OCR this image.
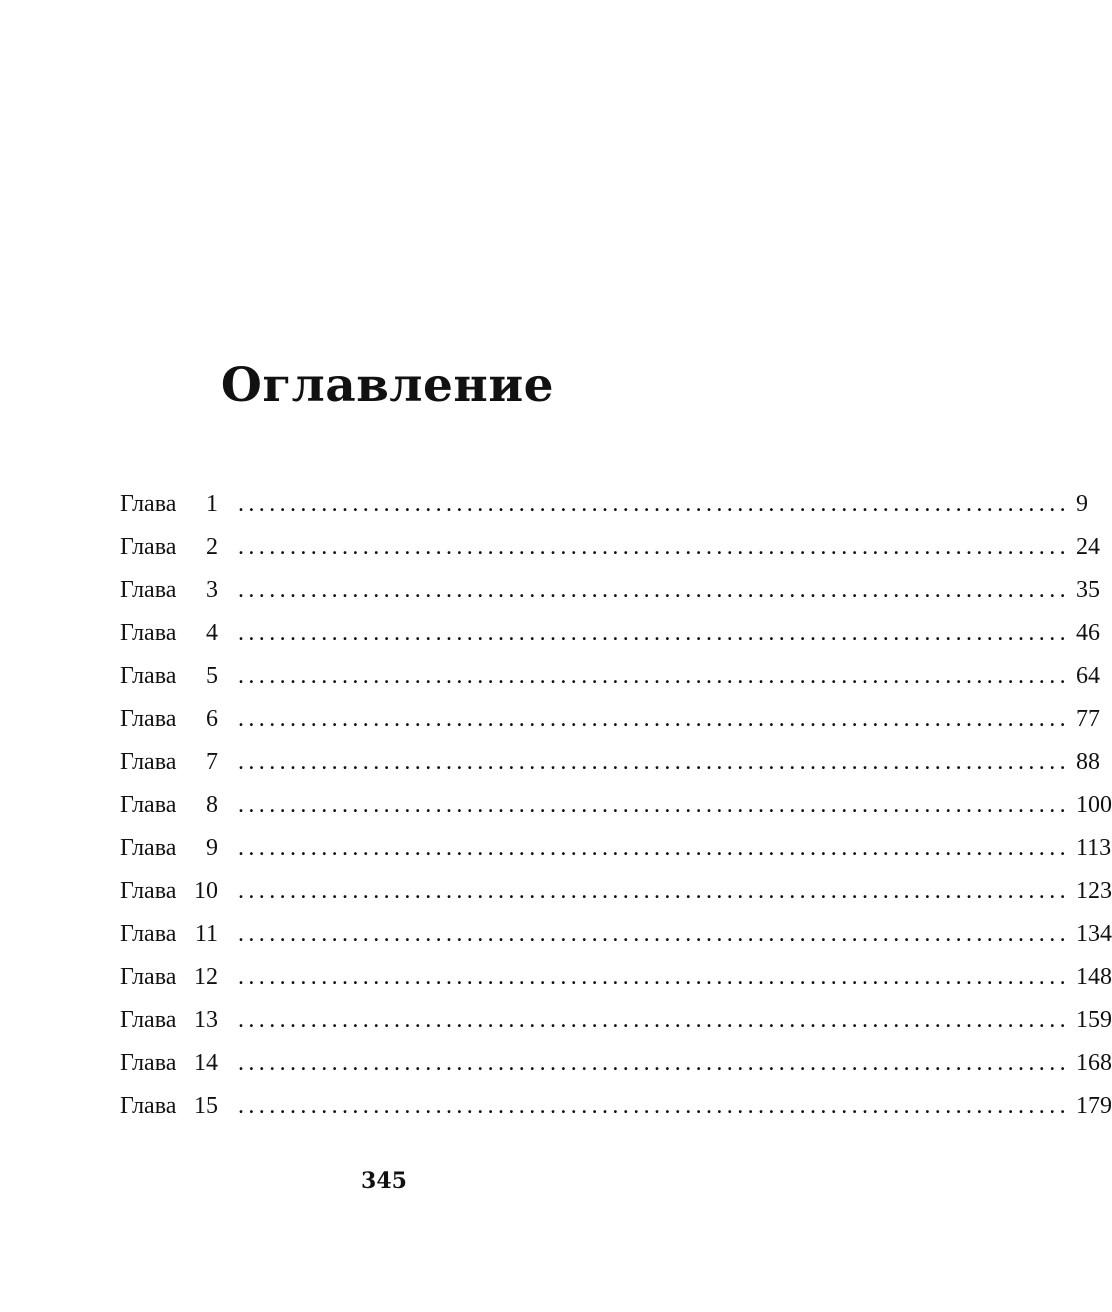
Оглавление
Глава	1 ................................................................................ 9
Глава	2 ................................................................................ 24
Глава	3 ................................................................................ 35
Глава	4 ................................................................................ 46
Глава	5 ................................................................................ 64
Глава	6 ................................................................................ 77
Глава	7 ................................................................................ 88
Глава	8 ................................................................................ 100
Глава	9 ................................................................................ 113
Глава 10 ................................................................................ 123
Глава 11 ................................................................................ 134
Глава 12 ................................................................................ 148
Глава 13 ................................................................................ 159
Глава 14 ................................................................................ 168
Глава 15 ................................................................................ 179
345
